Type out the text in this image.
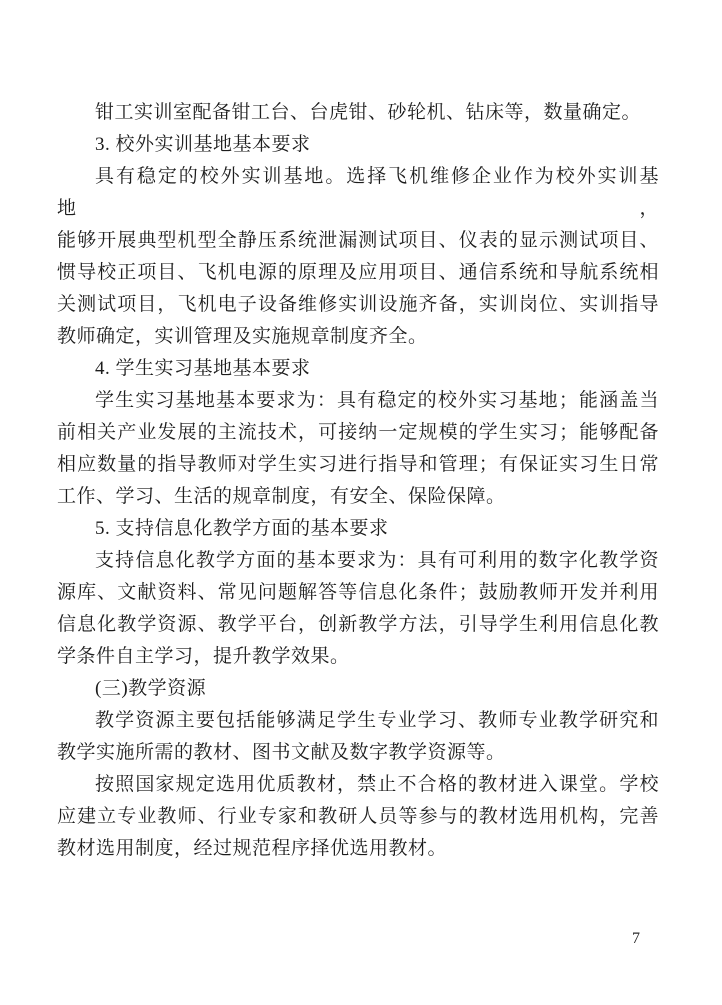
钳工实训室配备钳工台、台虎钳、砂轮机、钻床等，数量确定。
3. 校外实训基地基本要求
具有稳定的校外实训基地。选择飞机维修企业作为校外实训基地，
能够开展典型机型全静压系统泄漏测试项目、仪表的显示测试项目、
惯导校正项目、飞机电源的原理及应用项目、通信系统和导航系统相
关测试项目，飞机电子设备维修实训设施齐备，实训岗位、实训指导
教师确定，实训管理及实施规章制度齐全。
4. 学生实习基地基本要求
学生实习基地基本要求为：具有稳定的校外实习基地；能涵盖当
前相关产业发展的主流技术，可接纳一定规模的学生实习；能够配备
相应数量的指导教师对学生实习进行指导和管理；有保证实习生日常
工作、学习、生活的规章制度，有安全、保险保障。
5. 支持信息化教学方面的基本要求
支持信息化教学方面的基本要求为：具有可利用的数字化教学资
源库、文献资料、常见问题解答等信息化条件；鼓励教师开发并利用
信息化教学资源、教学平台，创新教学方法，引导学生利用信息化教
学条件自主学习，提升教学效果。
(三)教学资源
教学资源主要包括能够满足学生专业学习、教师专业教学研究和
教学实施所需的教材、图书文献及数字教学资源等。
按照国家规定选用优质教材，禁止不合格的教材进入课堂。学校
应建立专业教师、行业专家和教研人员等参与的教材选用机构，完善
教材选用制度，经过规范程序择优选用教材。
7
